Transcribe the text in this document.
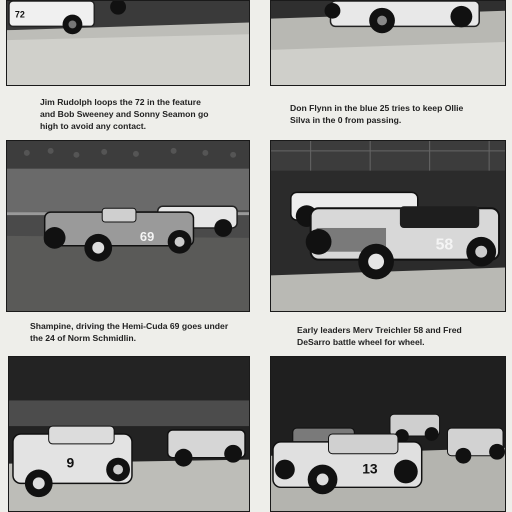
72
Jim Rudolph loops the 72 in the feature
and Bob Sweeney and Sonny Seamon go
high to avoid any contact.
Don Flynn in the blue 25 tries to keep Ollie
Silva in the 0 from passing.
69
58
Shampine, driving the Hemi-Cuda 69 goes under
the 24 of Norm Schmidlin.
Early leaders Merv Treichler 58 and Fred
DeSarro battle wheel for wheel.
9	13
